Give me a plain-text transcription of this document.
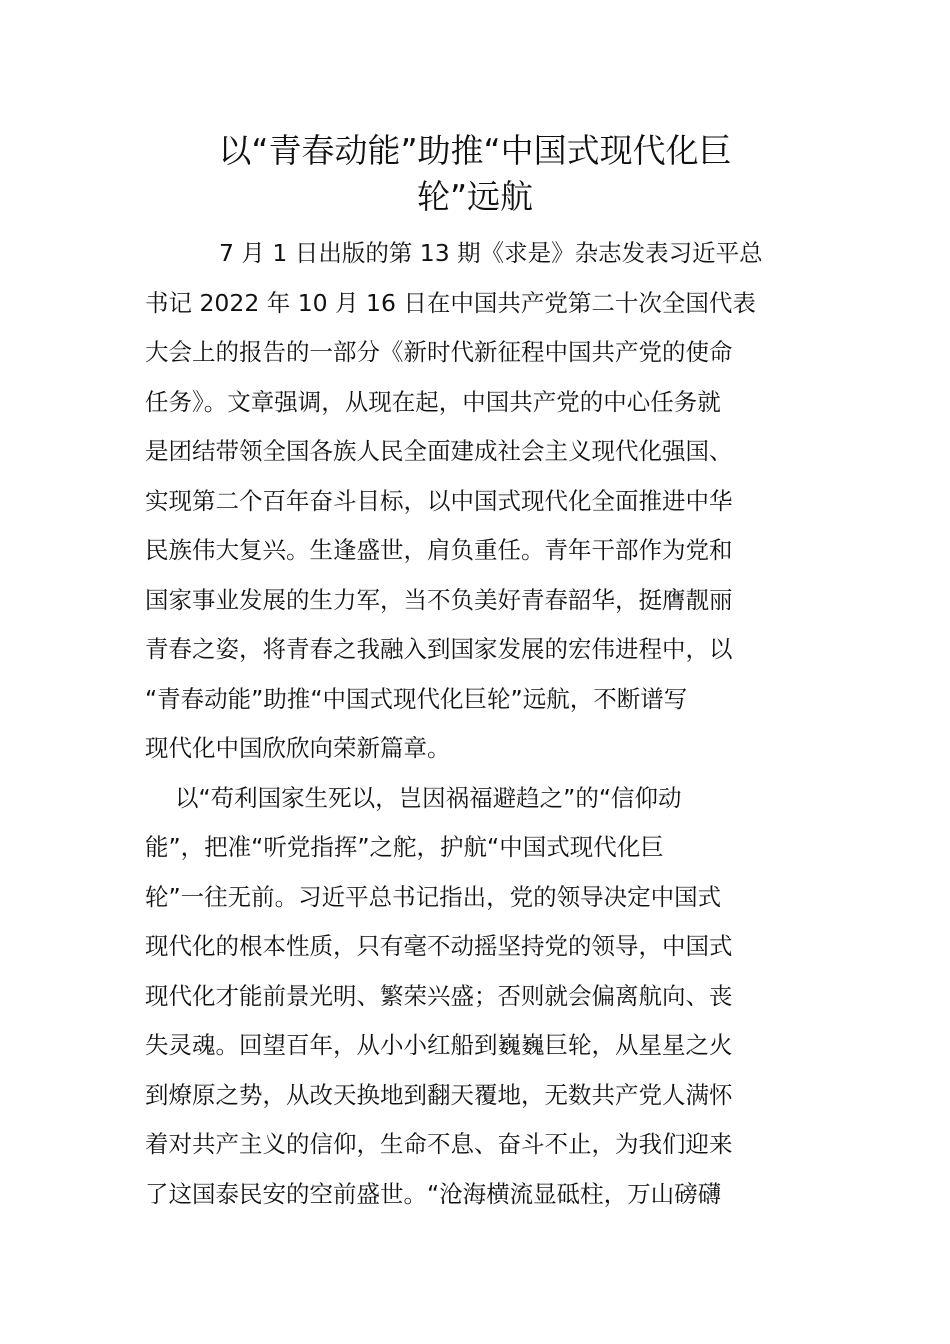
以“青春动能”助推“中国式现代化巨
轮”远航
7 月 1 日出版的第 13 期《求是》杂志发表习近平总
书记 2022 年 10 月 16 日在中国共产党第二十次全国代表
大会上的报告的一部分《新时代新征程中国共产党的使命
任务》。文章强调，从现在起，中国共产党的中心任务就
是团结带领全国各族人民全面建成社会主义现代化强国、
实现第二个百年奋斗目标，以中国式现代化全面推进中华
民族伟大复兴。生逢盛世，肩负重任。青年干部作为党和
国家事业发展的生力军，当不负美好青春韶华，挺膺靓丽
青春之姿，将青春之我融入到国家发展的宏伟进程中，以
“青春动能”助推“中国式现代化巨轮”远航，不断谱写
现代化中国欣欣向荣新篇章。
以“苟利国家生死以，岂因祸福避趋之”的“信仰动
能”，把准“听党指挥”之舵，护航“中国式现代化巨
轮”一往无前。习近平总书记指出，党的领导决定中国式
现代化的根本性质，只有毫不动摇坚持党的领导，中国式
现代化才能前景光明、繁荣兴盛；否则就会偏离航向、丧
失灵魂。回望百年，从小小红船到巍巍巨轮，从星星之火
到燎原之势，从改天换地到翻天覆地，无数共产党人满怀
着对共产主义的信仰，生命不息、奋斗不止，为我们迎来
了这国泰民安的空前盛世。“沧海横流显砥柱，万山磅礴
